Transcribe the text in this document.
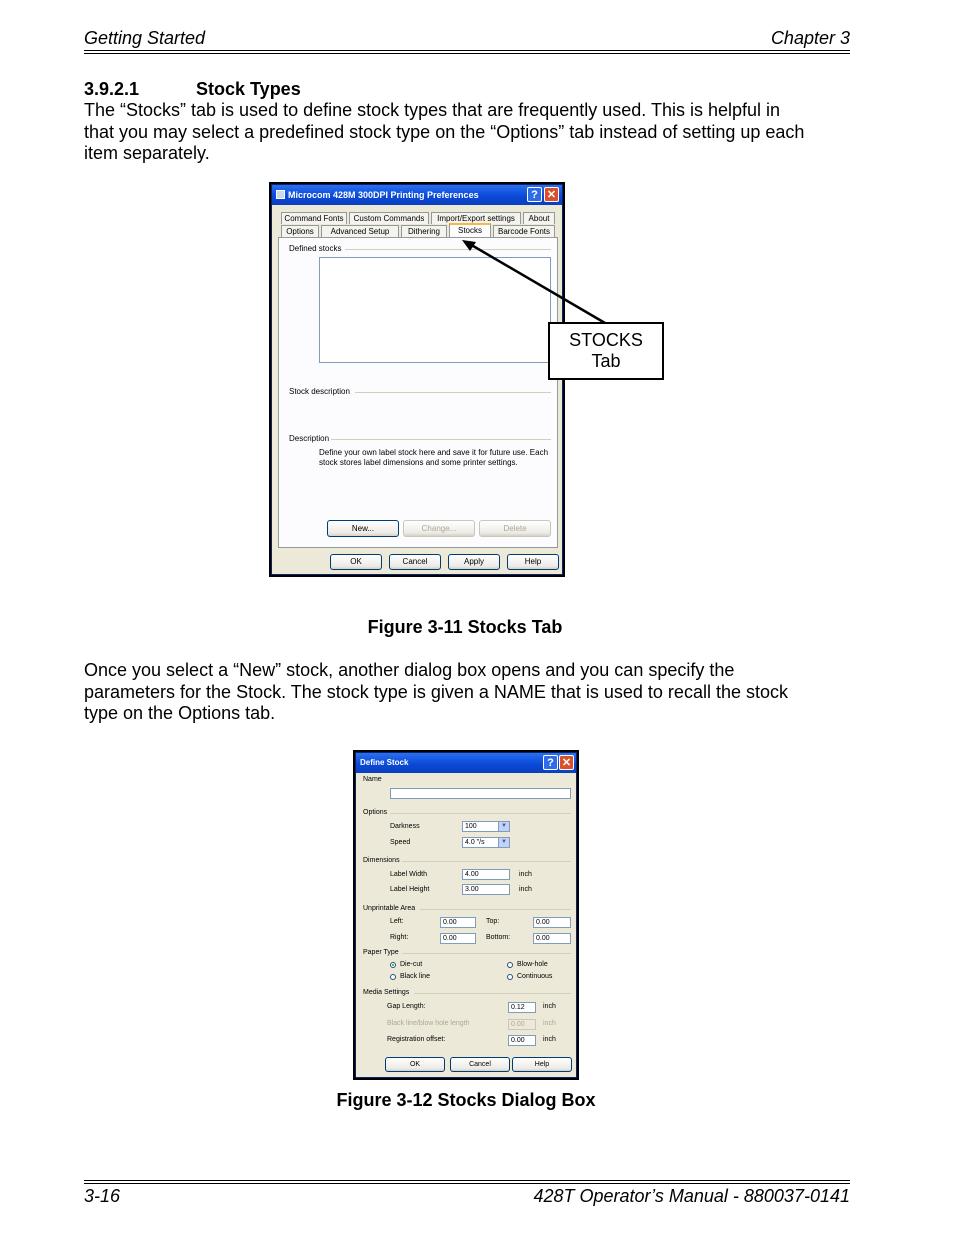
Getting Started	Chapter 3
3.9.2.1	Stock Types
The “Stocks” tab is used to define stock types that are frequently used. This is helpful in
that you may select a predefined stock type on the “Options” tab instead of setting up each
item separately.
Microcom 428M 300DPI Printing Preferences	? ✕
Command Fonts	Custom Commands	Import/Export settings	About
Options	Advanced Setup	Dithering	Barcode Fonts
Defined stocks
Stock description
Description
Define your own label stock here and save it for future use. Each
stock stores label dimensions and some printer settings.
New...	Change...	Delete
Stocks
OK	Cancel	Apply	Help
STOCKS
Tab
Figure 3-11 Stocks Tab
Once you select a “New” stock, another dialog box opens and you can specify the
parameters for the Stock. The stock type is given a NAME that is used to recall the stock
type on the Options tab.
Define Stock	? ✕
Name
Options
Darkness	100	▼
Speed	4.0 "/s	▼
Dimensions
Label Width	4.00	inch
Label Height	3.00	inch
Unprintable Area
Left:	0.00	Top:	0.00
Right:	0.00	Bottom:	0.00
Paper Type
Die-cut	Blow-hole
Black line	Continuous
Media Settings
Gap Length:	0.12	inch
Black line/blow hole length	0.00	inch
Registration offset:	0.00	inch
OK	Cancel	Help
Figure 3-12 Stocks Dialog Box
3-16	428T Operator’s Manual - 880037-0141
